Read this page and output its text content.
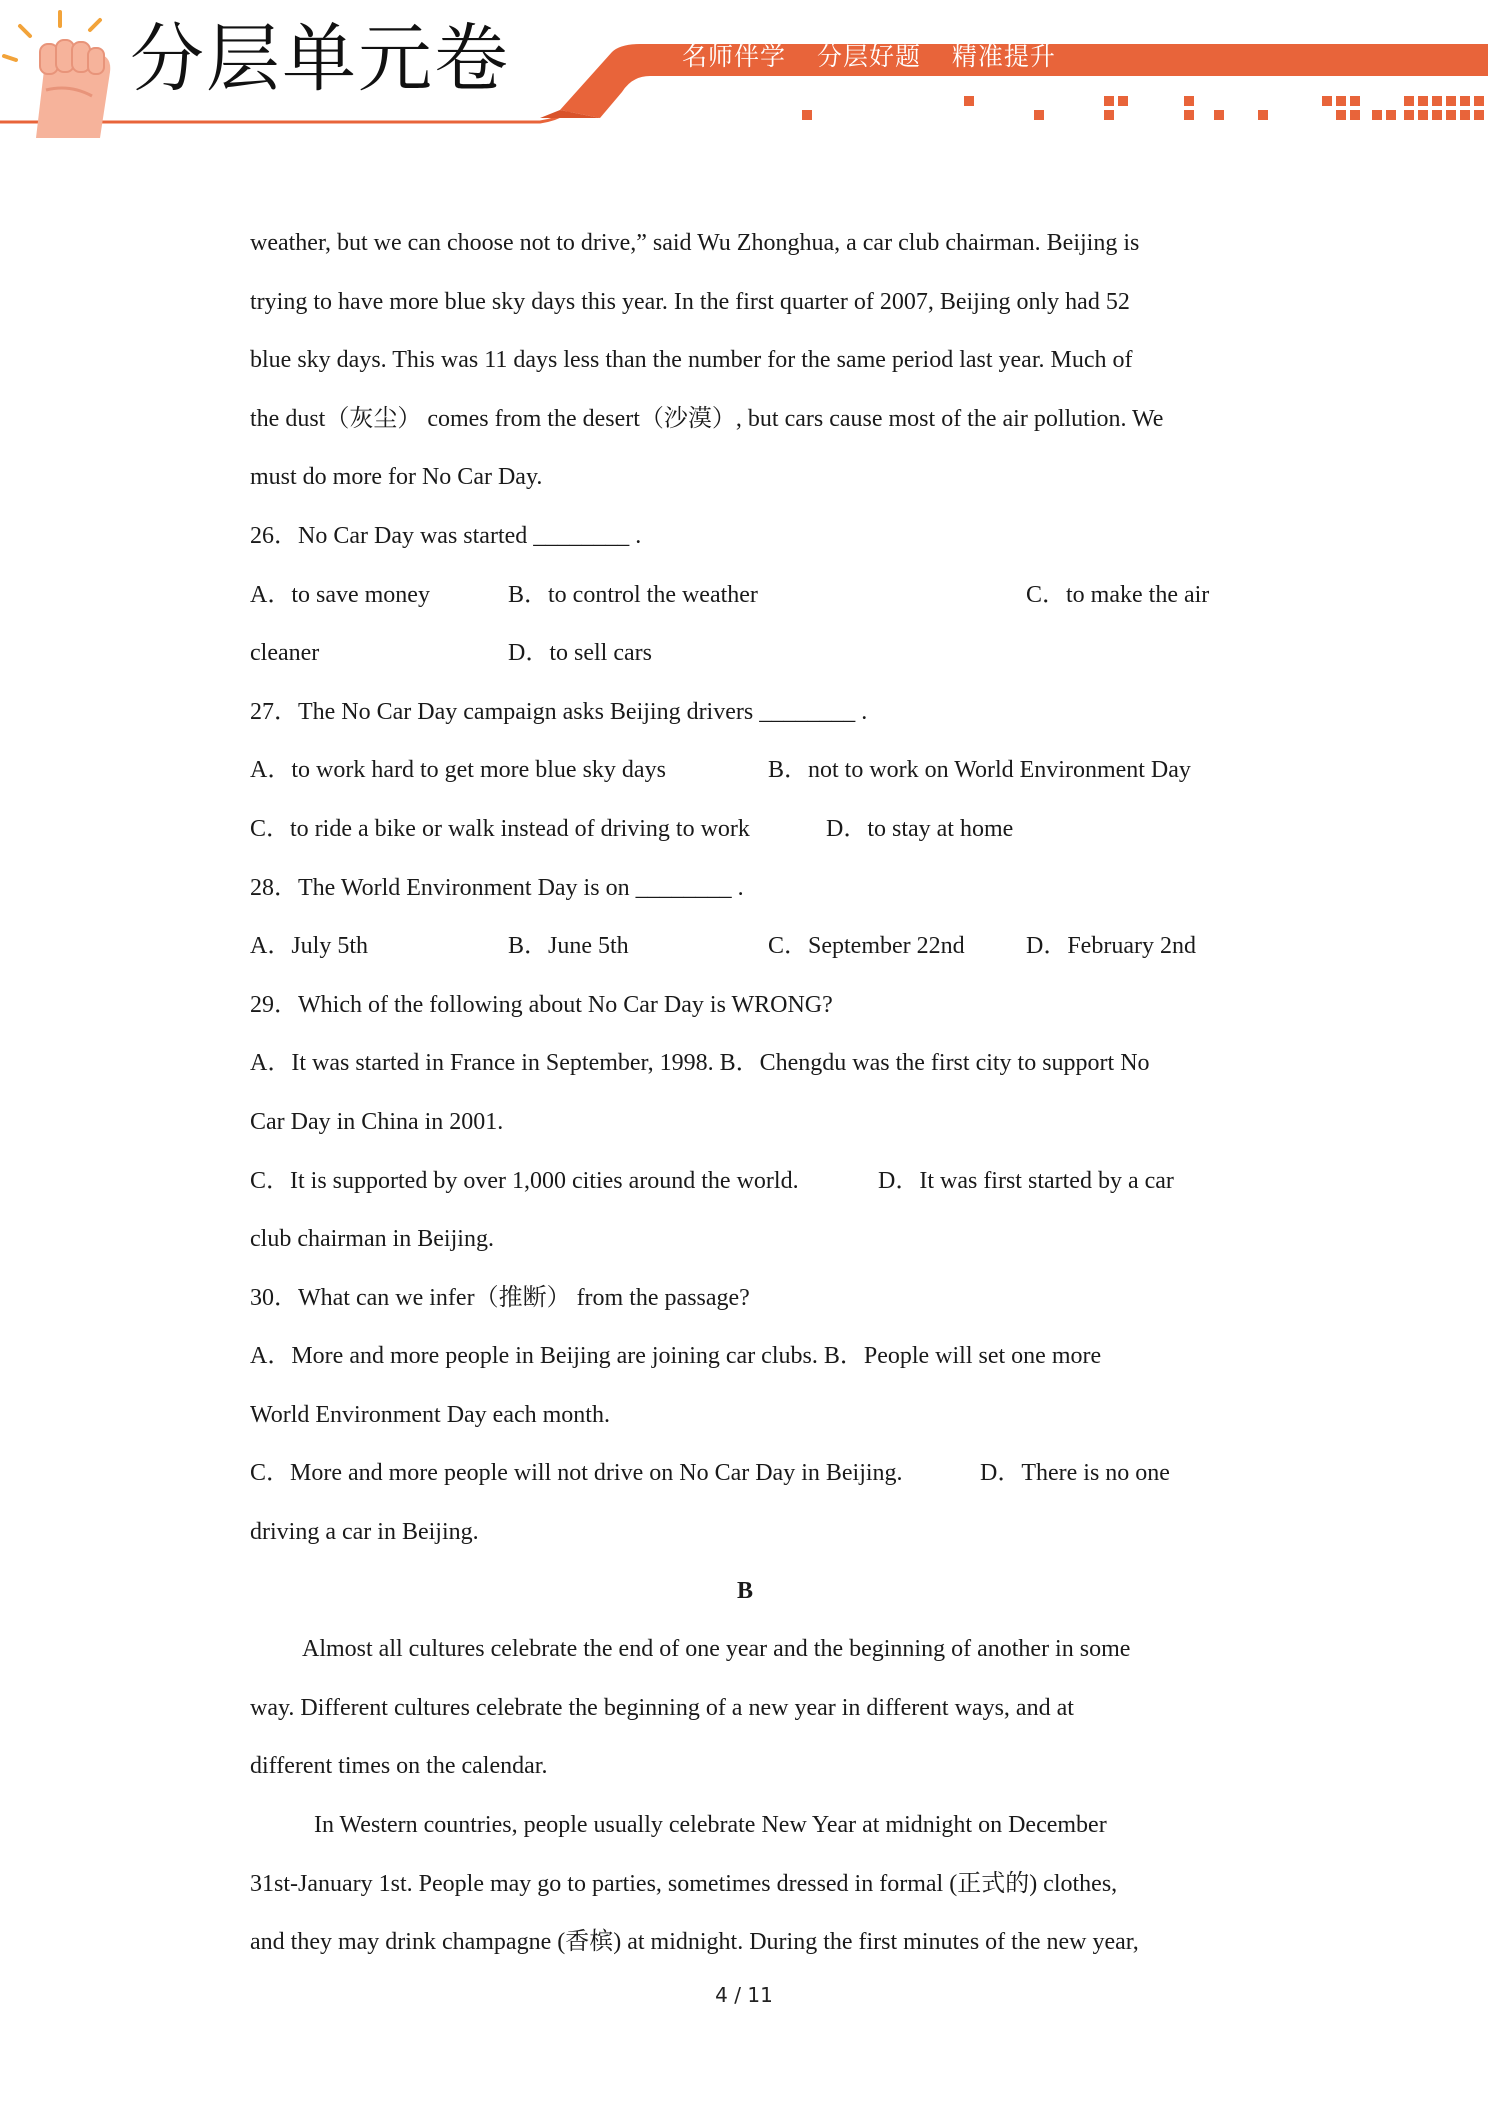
分层单元卷	名师伴学 分层好题 精准提升
weather, but we can choose not to drive,” said Wu Zhonghua, a car club chairman. Beijing is
trying to have more blue sky days this year. In the first quarter of 2007, Beijing only had 52
blue sky days. This was 11 days less than the number for the same period last year. Much of
the dust（灰尘） comes from the desert（沙漠）, but cars cause most of the air pollution. We
must do more for No Car Day.
26．No Car Day was started ________ .
A．to save money	B．to control the weather	C．to make the air
cleaner	D．to sell cars
27．The No Car Day campaign asks Beijing drivers ________ .
A．to work hard to get more blue sky days	B．not to work on World Environment Day
C．to ride a bike or walk instead of driving to work	D．to stay at home
28．The World Environment Day is on ________ .
A．July 5th	B．June 5th	C．September 22nd	D．February 2nd
29．Which of the following about No Car Day is WRONG?
A．It was started in France in September, 1998. B．Chengdu was the first city to support No
Car Day in China in 2001.
C．It is supported by over 1,000 cities around the world.	D．It was first started by a car
club chairman in Beijing.
30．What can we infer（推断） from the passage?
A．More and more people in Beijing are joining car clubs. B．People will set one more
World Environment Day each month.
C．More and more people will not drive on No Car Day in Beijing.	D．There is no one
driving a car in Beijing.
B
Almost all cultures celebrate the end of one year and the beginning of another in some
way. Different cultures celebrate the beginning of a new year in different ways, and at
different times on the calendar.
In Western countries, people usually celebrate New Year at midnight on December
31st-January 1st. People may go to parties, sometimes dressed in formal (正式的) clothes,
and they may drink champagne (香槟) at midnight. During the first minutes of the new year,
4 / 11
